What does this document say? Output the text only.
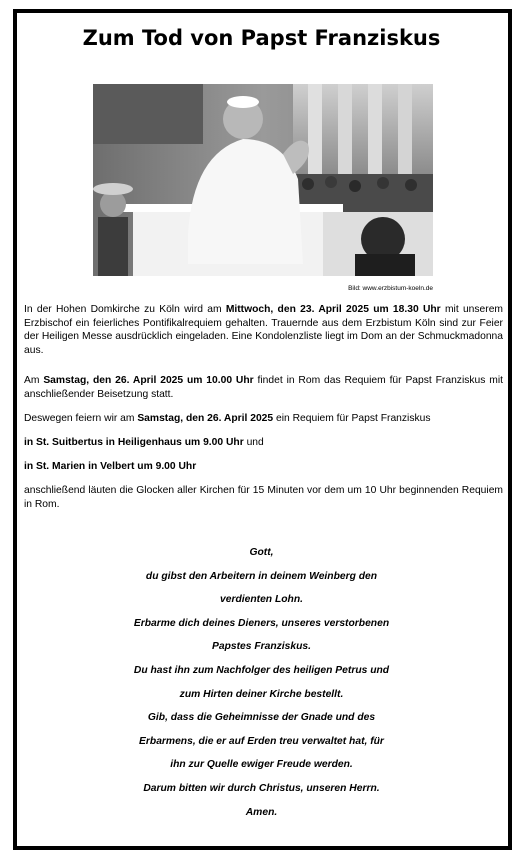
Zum Tod von Papst Franziskus
Bild: www.erzbistum-koeln.de
In der Hohen Domkirche zu Köln wird am Mittwoch, den 23. April 2025 um 18.30 Uhr mit unserem Erzbischof ein feierliches Pontifikalrequiem gehalten. Trauernde aus dem Erzbistum Köln sind zur Feier der Heiligen Messe ausdrücklich eingeladen. Eine Kondolenzliste liegt im Dom an der Schmuckmadonna aus.
Am Samstag, den 26. April 2025 um 10.00 Uhr findet in Rom das Requiem für Papst Franziskus mit anschließender Beisetzung statt.
Deswegen feiern wir am Samstag, den 26. April 2025 ein Requiem für Papst Franziskus
in St. Suitbertus in Heiligenhaus um 9.00 Uhr und
in St. Marien in Velbert um 9.00 Uhr
anschließend läuten die Glocken aller Kirchen für 15 Minuten vor dem um 10 Uhr beginnenden Requiem in Rom.
Gott,
du gibst den Arbeitern in deinem Weinberg den
verdienten Lohn.
Erbarme dich deines Dieners, unseres verstorbenen
Papstes Franziskus.
Du hast ihn zum Nachfolger des heiligen Petrus und
zum Hirten deiner Kirche bestellt.
Gib, dass die Geheimnisse der Gnade und des
Erbarmens, die er auf Erden treu verwaltet hat, für
ihn zur Quelle ewiger Freude werden.
Darum bitten wir durch Christus, unseren Herrn.
Amen.
